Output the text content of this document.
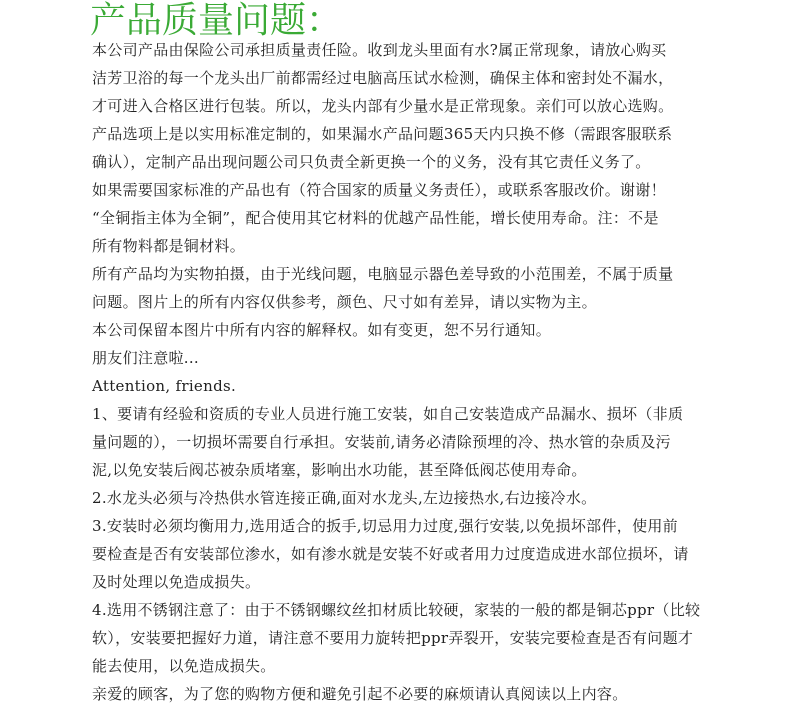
产品质量问题：
本公司产品由保险公司承担质量责任险。收到龙头里面有水?属正常现象，请放心购买
洁芳卫浴的每一个龙头出厂前都需经过电脑高压试水检测，确保主体和密封处不漏水，
才可进入合格区进行包装。所以，龙头内部有少量水是正常现象。亲们可以放心选购。
产品选项上是以实用标准定制的，如果漏水产品问题365天内只换不修（需跟客服联系
确认），定制产品出现问题公司只负责全新更换一个的义务，没有其它责任义务了。
如果需要国家标准的产品也有（符合国家的质量义务责任），或联系客服改价。谢谢！
“全铜指主体为全铜”，配合使用其它材料的优越产品性能，增长使用寿命。注：不是
所有物料都是铜材料。
所有产品均为实物拍摄，由于光线问题，电脑显示器色差导致的小范围差，不属于质量
问题。图片上的所有内容仅供参考，颜色、尺寸如有差异，请以实物为主。
本公司保留本图片中所有内容的解释权。如有变更，恕不另行通知。
朋友们注意啦...
Attention, friends.
1、要请有经验和资质的专业人员进行施工安装，如自己安装造成产品漏水、损坏（非质
量问题的），一切损坏需要自行承担。安装前,请务必清除预埋的冷、热水管的杂质及污
泥,以免安装后阀芯被杂质堵塞，影响出水功能，甚至降低阀芯使用寿命。
2.水龙头必须与冷热供水管连接正确,面对水龙头,左边接热水,右边接冷水。
3.安装时必须均衡用力,选用适合的扳手,切忌用力过度,强行安装,以免损坏部件，使用前
要检查是否有安装部位渗水，如有渗水就是安装不好或者用力过度造成进水部位损坏，请
及时处理以免造成损失。
4.选用不锈钢注意了：由于不锈钢螺纹丝扣材质比较硬，家装的一般的都是铜芯ppr（比较
软），安装要把握好力道，请注意不要用力旋转把ppr弄裂开，安装完要检查是否有问题才
能去使用，以免造成损失。
亲爱的顾客，为了您的购物方便和避免引起不必要的麻烦请认真阅读以上内容。
